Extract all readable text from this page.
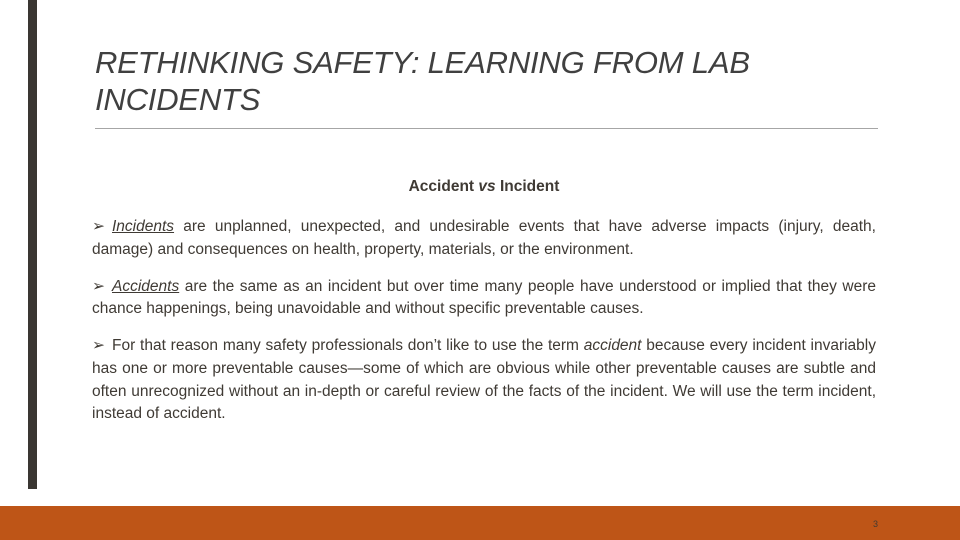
RETHINKING SAFETY: LEARNING FROM LAB INCIDENTS

Accident vs Incident

➢ Incidents are unplanned, unexpected, and undesirable events that have adverse impacts (injury, death, damage) and consequences on health, property, materials, or the environment.

➢ Accidents are the same as an incident but over time many people have understood or implied that they were chance happenings, being unavoidable and without specific preventable causes.

➢ For that reason many safety professionals don’t like to use the term accident because every incident invariably has one or more preventable causes—some of which are obvious while other preventable causes are subtle and often unrecognized without an in-depth or careful review of the facts of the incident. We will use the term incident, instead of accident.

3
